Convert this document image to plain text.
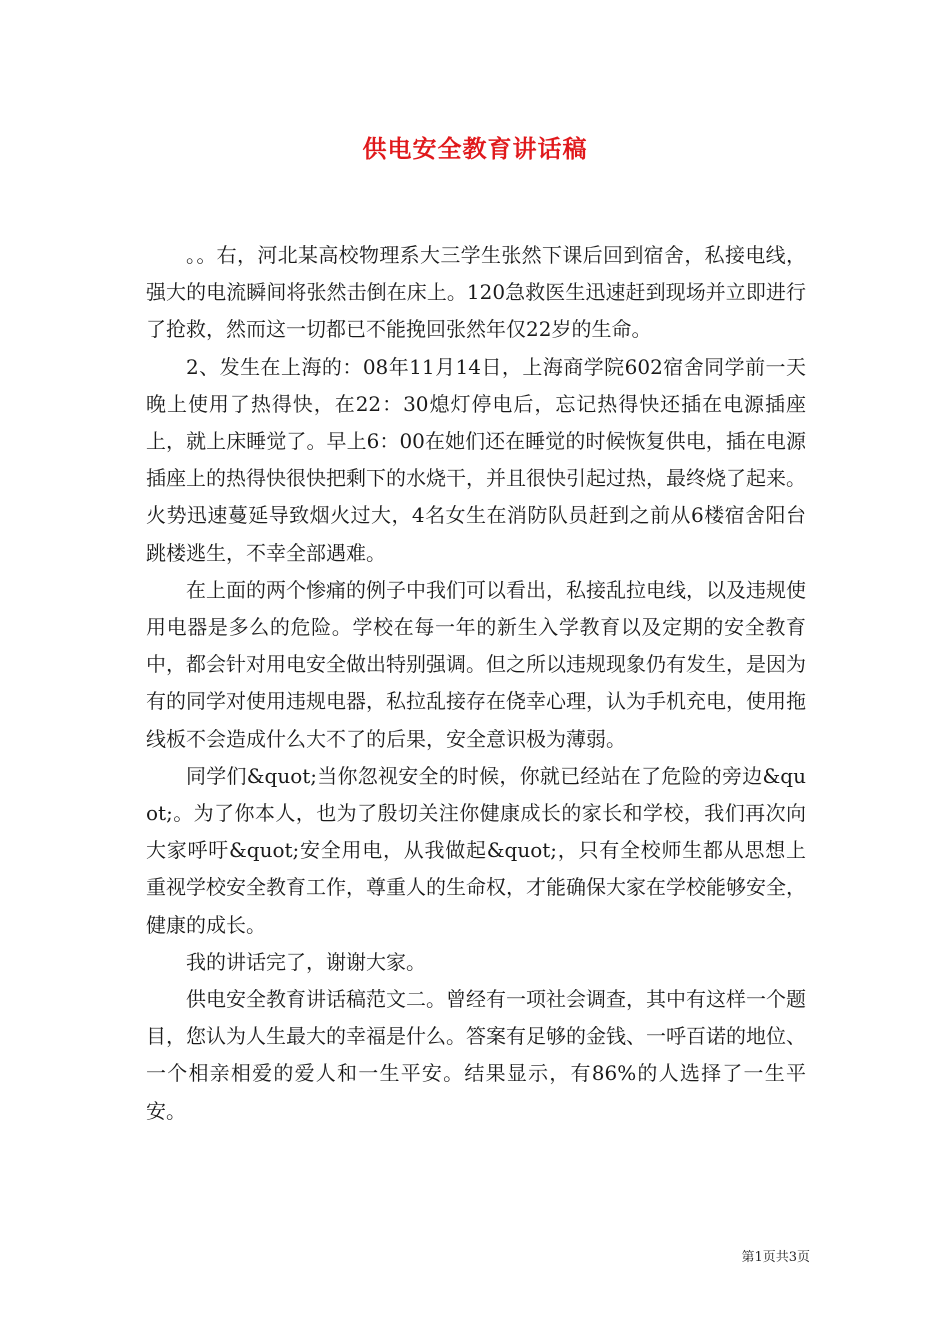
供电安全教育讲话稿

。。右，河北某高校物理系大三学生张然下课后回到宿舍，私接电线，强大的电流瞬间将张然击倒在床上。120急救医生迅速赶到现场并立即进行了抢救，然而这一切都已不能挽回张然年仅22岁的生命。

2、发生在上海的：08年11月14日，上海商学院602宿舍同学前一天晚上使用了热得快，在22：30熄灯停电后，忘记热得快还插在电源插座上，就上床睡觉了。早上6：00在她们还在睡觉的时候恢复供电，插在电源插座上的热得快很快把剩下的水烧干，并且很快引起过热，最终烧了起来。火势迅速蔓延导致烟火过大，4名女生在消防队员赶到之前从6楼宿舍阳台跳楼逃生，不幸全部遇难。

在上面的两个惨痛的例子中我们可以看出，私接乱拉电线，以及违规使用电器是多么的危险。学校在每一年的新生入学教育以及定期的安全教育中，都会针对用电安全做出特别强调。但之所以违规现象仍有发生，是因为有的同学对使用违规电器，私拉乱接存在侥幸心理，认为手机充电，使用拖线板不会造成什么大不了的后果，安全意识极为薄弱。

同学们&quot;当你忽视安全的时候，你就已经站在了危险的旁边&quot;。为了你本人，也为了殷切关注你健康成长的家长和学校，我们再次向大家呼吁&quot;安全用电，从我做起&quot;，只有全校师生都从思想上重视学校安全教育工作，尊重人的生命权，才能确保大家在学校能够安全，健康的成长。

我的讲话完了，谢谢大家。

供电安全教育讲话稿范文二。曾经有一项社会调查，其中有这样一个题目，您认为人生最大的幸福是什么。答案有足够的金钱、一呼百诺的地位、一个相亲相爱的爱人和一生平安。结果显示，有86%的人选择了一生平安。

第1页共3页
